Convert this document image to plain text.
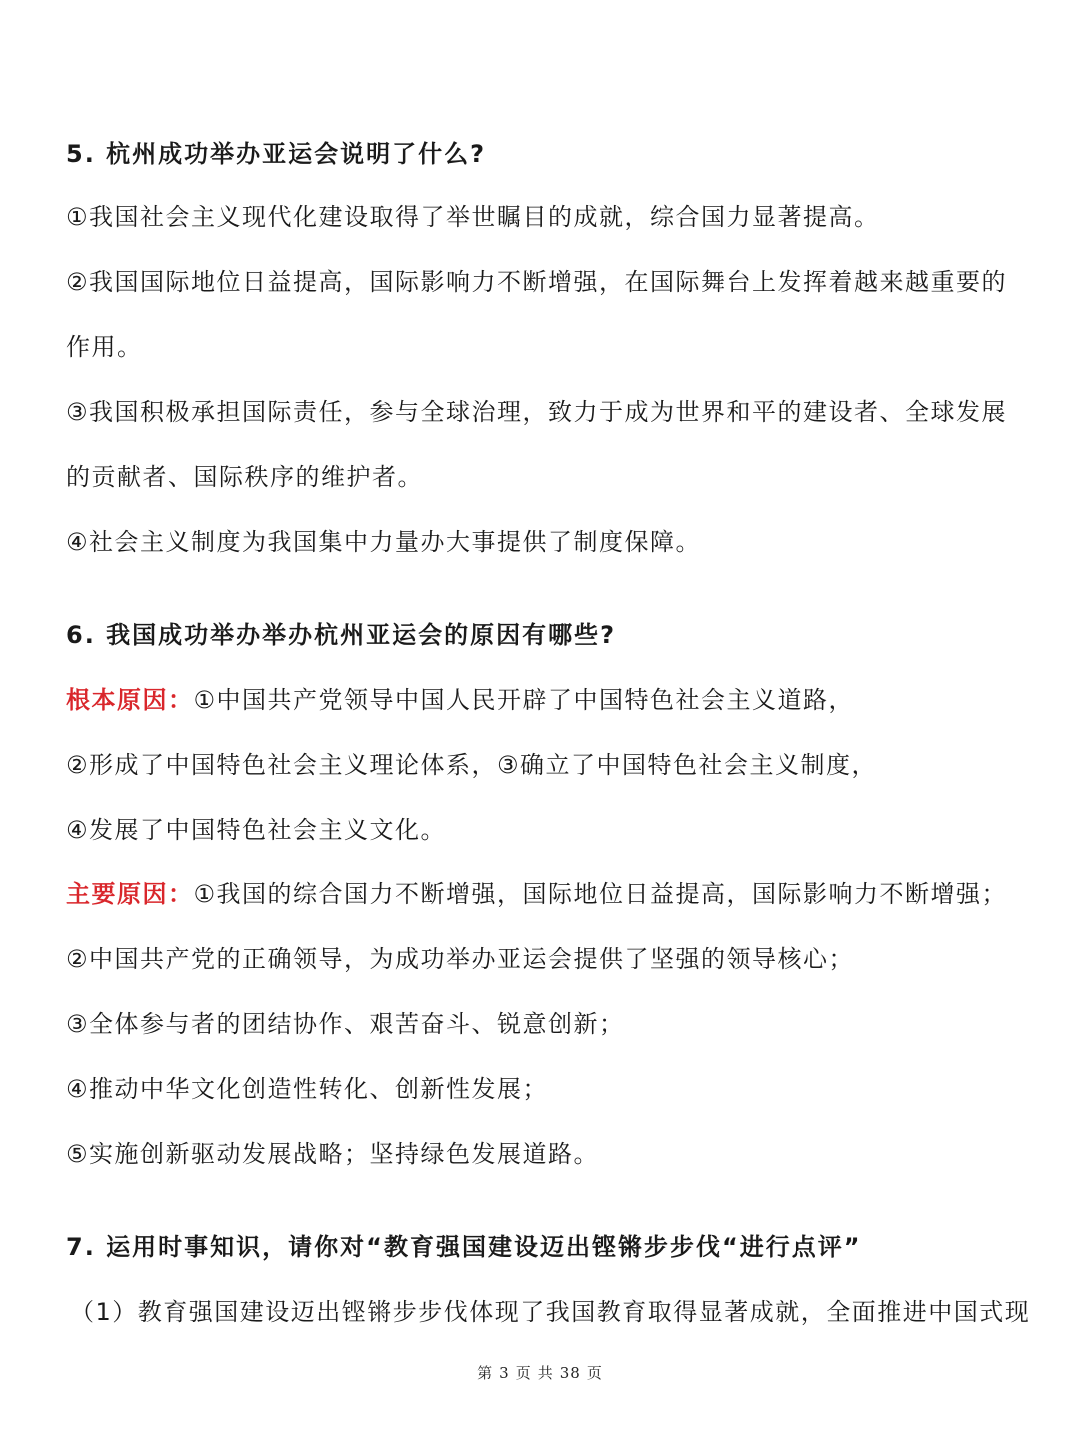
5. 杭州成功举办亚运会说明了什么?
①我国社会主义现代化建设取得了举世瞩目的成就，综合国力显著提高。
②我国国际地位日益提高，国际影响力不断增强，在国际舞台上发挥着越来越重要的
作用。
③我国积极承担国际责任，参与全球治理，致力于成为世界和平的建设者、全球发展
的贡献者、国际秩序的维护者。
④社会主义制度为我国集中力量办大事提供了制度保障。
6. 我国成功举办举办杭州亚运会的原因有哪些?
根本原因：①中国共产党领导中国人民开辟了中国特色社会主义道路，
②形成了中国特色社会主义理论体系，③确立了中国特色社会主义制度，
④发展了中国特色社会主义文化。
主要原因：①我国的综合国力不断增强，国际地位日益提高，国际影响力不断增强；
②中国共产党的正确领导，为成功举办亚运会提供了坚强的领导核心；
③全体参与者的团结协作、艰苦奋斗、锐意创新；
④推动中华文化创造性转化、创新性发展；
⑤实施创新驱动发展战略；坚持绿色发展道路。
7. 运用时事知识，请你对“教育强国建设迈出铿锵步步伐“进行点评”
（1）教育强国建设迈出铿锵步步伐体现了我国教育取得显著成就，全面推进中国式现
第 3 页 共 38 页
